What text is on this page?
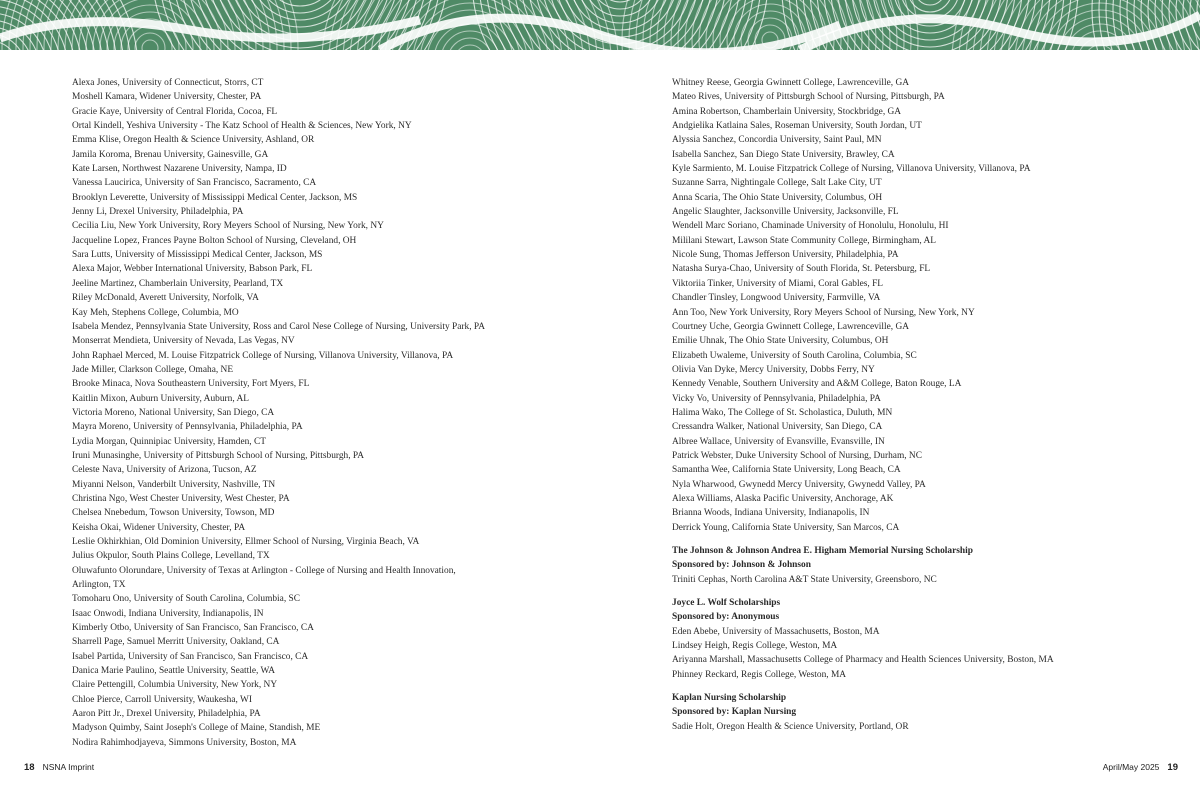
Alexa Jones, University of Connecticut, Storrs, CT
Moshell Kamara, Widener University, Chester, PA
Gracie Kaye, University of Central Florida, Cocoa, FL
Ortal Kindell, Yeshiva University - The Katz School of Health & Sciences, New York, NY
Emma Klise, Oregon Health & Science University, Ashland, OR
Jamila Koroma, Brenau University, Gainesville, GA
Kate Larsen, Northwest Nazarene University, Nampa, ID
Vanessa Laucirica, University of San Francisco, Sacramento, CA
Brooklyn Leverette, University of Mississippi Medical Center, Jackson, MS
Jenny Li, Drexel University, Philadelphia, PA
Cecilia Liu, New York University, Rory Meyers School of Nursing, New York, NY
Jacqueline Lopez, Frances Payne Bolton School of Nursing, Cleveland, OH
Sara Lutts, University of Mississippi Medical Center, Jackson, MS
Alexa Major, Webber International University, Babson Park, FL
Jeeline Martinez, Chamberlain University, Pearland, TX
Riley McDonald, Averett University, Norfolk, VA
Kay Meh, Stephens College, Columbia, MO
Isabela Mendez, Pennsylvania State University, Ross and Carol Nese College of Nursing, University Park, PA
Monserrat Mendieta, University of Nevada, Las Vegas, NV
John Raphael Merced, M. Louise Fitzpatrick College of Nursing, Villanova University, Villanova, PA
Jade Miller, Clarkson College, Omaha, NE
Brooke Minaca, Nova Southeastern University, Fort Myers, FL
Kaitlin Mixon, Auburn University, Auburn, AL
Victoria Moreno, National University, San Diego, CA
Mayra Moreno, University of Pennsylvania, Philadelphia, PA
Lydia Morgan, Quinnipiac University, Hamden, CT
Iruni Munasinghe, University of Pittsburgh School of Nursing, Pittsburgh, PA
Celeste Nava, University of Arizona, Tucson, AZ
Miyanni Nelson, Vanderbilt University, Nashville, TN
Christina Ngo, West Chester University, West Chester, PA
Chelsea Nnebedum, Towson University, Towson, MD
Keisha Okai, Widener University, Chester, PA
Leslie Okhirkhian, Old Dominion University, Ellmer School of Nursing, Virginia Beach, VA
Julius Okpulor, South Plains College, Levelland, TX
Oluwafunto Olorundare, University of Texas at Arlington - College of Nursing and Health Innovation,
Arlington, TX
Tomoharu Ono, University of South Carolina, Columbia, SC
Isaac Onwodi, Indiana University, Indianapolis, IN
Kimberly Otbo, University of San Francisco, San Francisco, CA
Sharrell Page, Samuel Merritt University, Oakland, CA
Isabel Partida, University of San Francisco, San Francisco, CA
Danica Marie Paulino, Seattle University, Seattle, WA
Claire Pettengill, Columbia University, New York, NY
Chloe Pierce, Carroll University, Waukesha, WI
Aaron Pitt Jr., Drexel University, Philadelphia, PA
Madyson Quimby, Saint Joseph's College of Maine, Standish, ME
Nodira Rahimhodjayeva, Simmons University, Boston, MA
Whitney Reese, Georgia Gwinnett College, Lawrenceville, GA
Mateo Rives, University of Pittsburgh School of Nursing, Pittsburgh, PA
Amina Robertson, Chamberlain University, Stockbridge, GA
Andgielika Katlaina Sales, Roseman University, South Jordan, UT
Alyssia Sanchez, Concordia University, Saint Paul, MN
Isabella Sanchez, San Diego State University, Brawley, CA
Kyle Sarmiento, M. Louise Fitzpatrick College of Nursing, Villanova University, Villanova, PA
Suzanne Sarra, Nightingale College, Salt Lake City, UT
Anna Scaria, The Ohio State University, Columbus, OH
Angelic Slaughter, Jacksonville University, Jacksonville, FL
Wendell Marc Soriano, Chaminade University of Honolulu, Honolulu, HI
Mililani Stewart, Lawson State Community College, Birmingham, AL
Nicole Sung, Thomas Jefferson University, Philadelphia, PA
Natasha Surya-Chao, University of South Florida, St. Petersburg, FL
Viktoriia Tinker, University of Miami, Coral Gables, FL
Chandler Tinsley, Longwood University, Farmville, VA
Ann Too, New York University, Rory Meyers School of Nursing, New York, NY
Courtney Uche, Georgia Gwinnett College, Lawrenceville, GA
Emilie Uhnak, The Ohio State University, Columbus, OH
Elizabeth Uwaleme, University of South Carolina, Columbia, SC
Olivia Van Dyke, Mercy University, Dobbs Ferry, NY
Kennedy Venable, Southern University and A&M College, Baton Rouge, LA
Vicky Vo, University of Pennsylvania, Philadelphia, PA
Halima Wako, The College of St. Scholastica, Duluth, MN
Cressandra Walker, National University, San Diego, CA
Albree Wallace, University of Evansville, Evansville, IN
Patrick Webster, Duke University School of Nursing, Durham, NC
Samantha Wee, California State University, Long Beach, CA
Nyla Wharwood, Gwynedd Mercy University, Gwynedd Valley, PA
Alexa Williams, Alaska Pacific University, Anchorage, AK
Brianna Woods, Indiana University, Indianapolis, IN
Derrick Young, California State University, San Marcos, CA
The Johnson & Johnson Andrea E. Higham Memorial Nursing Scholarship
Sponsored by: Johnson & Johnson
Triniti Cephas, North Carolina A&T State University, Greensboro, NC
Joyce L. Wolf Scholarships
Sponsored by: Anonymous
Eden Abebe, University of Massachusetts, Boston, MA
Lindsey Heigh, Regis College, Weston, MA
Ariyanna Marshall, Massachusetts College of Pharmacy and Health Sciences University, Boston, MA
Phinney Reckard, Regis College, Weston, MA
Kaplan Nursing Scholarship
Sponsored by: Kaplan Nursing
Sadie Holt, Oregon Health & Science University, Portland, OR
18 NSNA Imprint	April/May 2025 19
